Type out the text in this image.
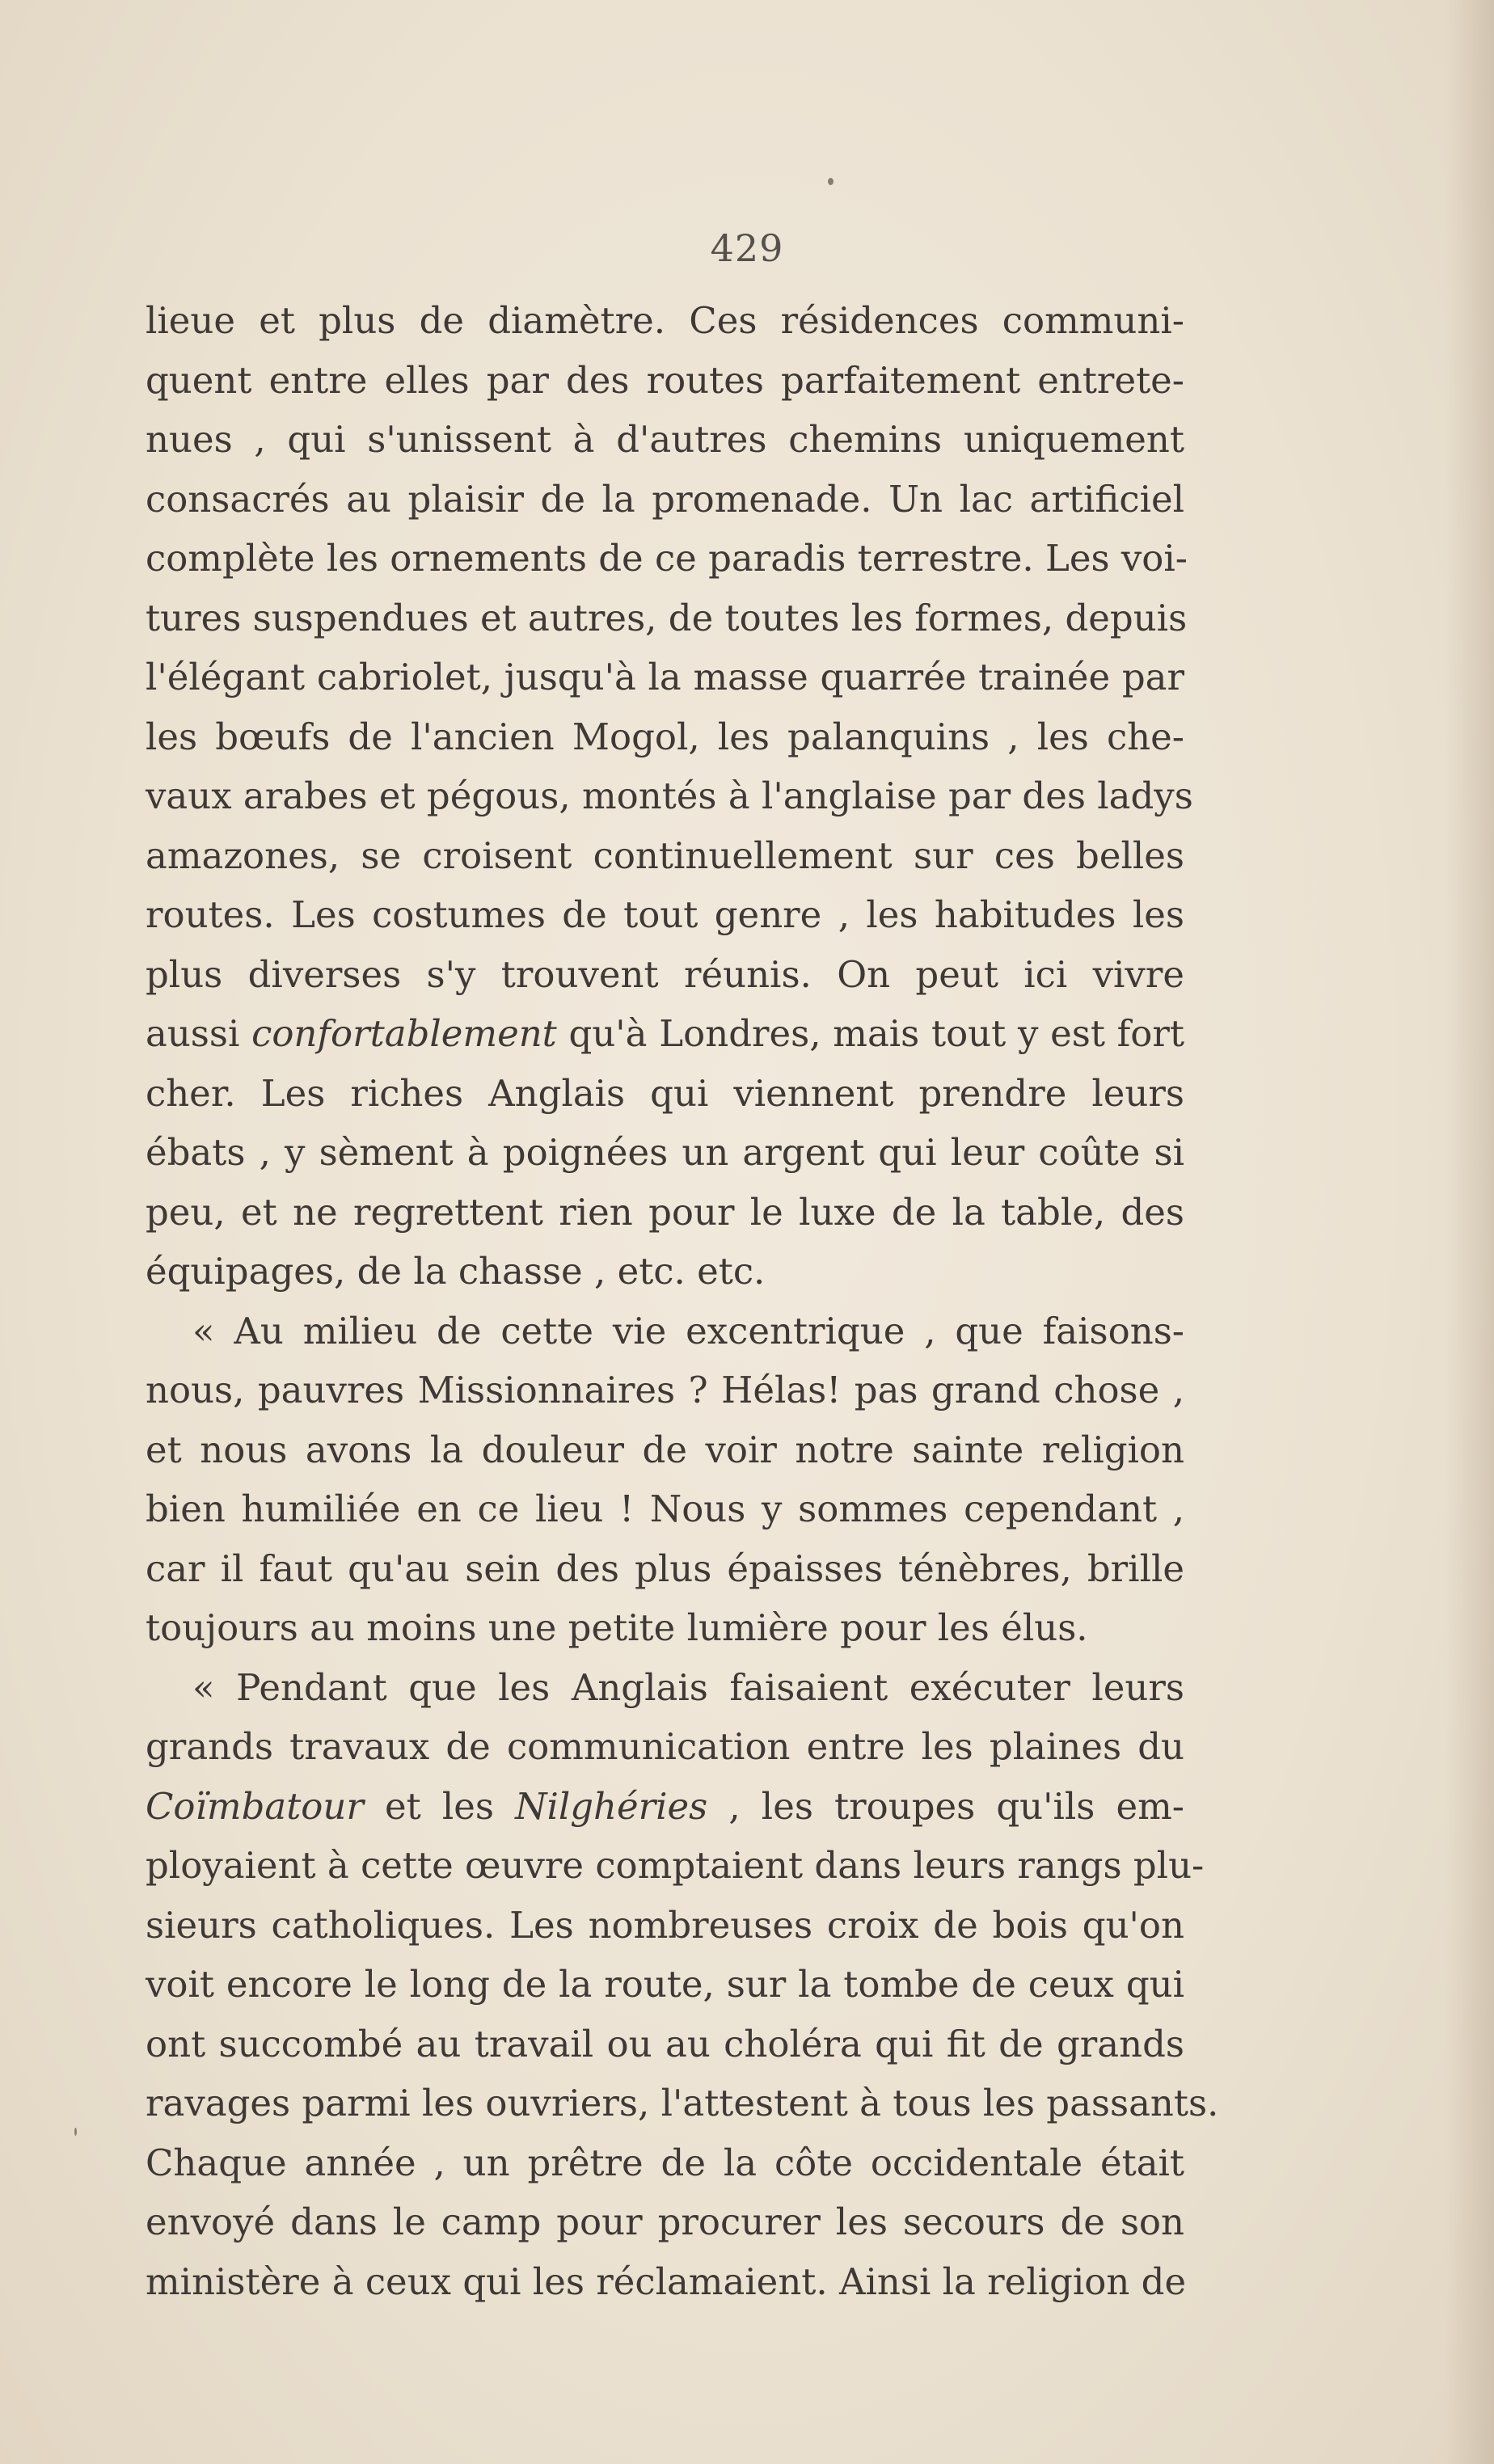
429
lieue et plus de diamètre. Ces résidences communi-
quent entre elles par des routes parfaitement entrete-
nues , qui s'unissent à d'autres chemins uniquement
consacrés au plaisir de la promenade. Un lac artificiel
complète les ornements de ce paradis terrestre. Les voi-
tures suspendues et autres, de toutes les formes, depuis
l'élégant cabriolet, jusqu'à la masse quarrée trainée par
les bœufs de l'ancien Mogol, les palanquins , les che-
vaux arabes et pégous, montés à l'anglaise par des ladys
amazones, se croisent continuellement sur ces belles
routes. Les costumes de tout genre , les habitudes les
plus diverses s'y trouvent réunis. On peut ici vivre
aussi confortablement qu'à Londres, mais tout y est fort
cher. Les riches Anglais qui viennent prendre leurs
ébats , y sèment à poignées un argent qui leur coûte si
peu, et ne regrettent rien pour le luxe de la table, des
équipages, de la chasse , etc. etc.
« Au milieu de cette vie excentrique , que faisons-
nous, pauvres Missionnaires ? Hélas! pas grand chose ,
et nous avons la douleur de voir notre sainte religion
bien humiliée en ce lieu ! Nous y sommes cependant ,
car il faut qu'au sein des plus épaisses ténèbres, brille
toujours au moins une petite lumière pour les élus.
« Pendant que les Anglais faisaient exécuter leurs
grands travaux de communication entre les plaines du
Coïmbatour et les Nilghéries , les troupes qu'ils em-
ployaient à cette œuvre comptaient dans leurs rangs plu-
sieurs catholiques. Les nombreuses croix de bois qu'on
voit encore le long de la route, sur la tombe de ceux qui
ont succombé au travail ou au choléra qui fit de grands
ravages parmi les ouvriers, l'attestent à tous les passants.
Chaque année , un prêtre de la côte occidentale était
envoyé dans le camp pour procurer les secours de son
ministère à ceux qui les réclamaient. Ainsi la religion de
